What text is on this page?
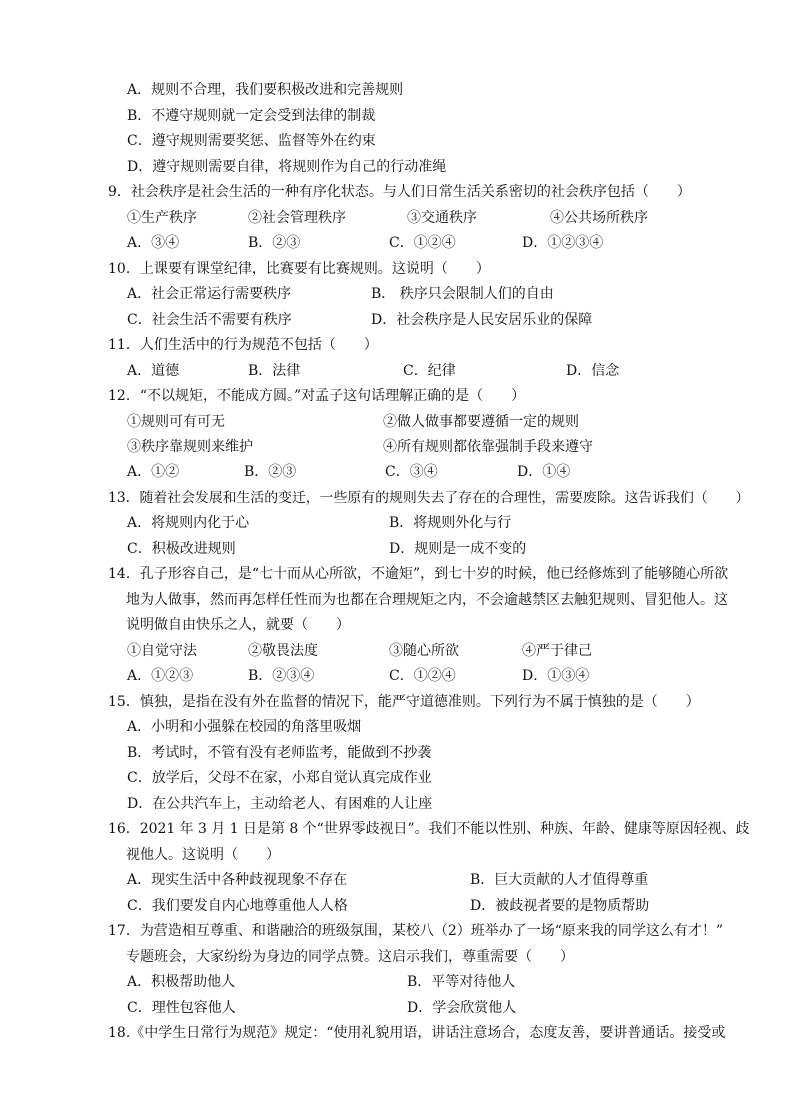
A．规则不合理，我们要积极改进和完善规则
B．不遵守规则就一定会受到法律的制裁
C．遵守规则需要奖惩、监督等外在约束
D．遵守规则需要自律，将规则作为自己的行动准绳
9．社会秩序是社会生活的一种有序化状态。与人们日常生活关系密切的社会秩序包括（　　）
①生产秩序	②社会管理秩序	③交通秩序	④公共场所秩序
A．③④	B．②③	C．①②④	D．①②③④
10．上课要有课堂纪律，比赛要有比赛规则。这说明（　　）
A．社会正常运行需要秩序	B． 秩序只会限制人们的自由
C．社会生活不需要有秩序	D．社会秩序是人民安居乐业的保障
11．人们生活中的行为规范不包括（　　）
A．道德	B．法律	C．纪律	D．信念
12．“不以规矩，不能成方圆。”对孟子这句话理解正确的是（　　）
①规则可有可无	②做人做事都要遵循一定的规则
③秩序靠规则来维护	④所有规则都依靠强制手段来遵守
A．①②	B．②③	C．③④	D．①④
13．随着社会发展和生活的变迁，一些原有的规则失去了存在的合理性，需要废除。这告诉我们（　　）
A．将规则内化于心	B．将规则外化与行
C．积极改进规则	D．规则是一成不变的
14．孔子形容自己，是“七十而从心所欲，不逾矩”，到七十岁的时候，他已经修炼到了能够随心所欲
地为人做事，然而再怎样任性而为也都在合理规矩之内，不会逾越禁区去触犯规则、冒犯他人。这
说明做自由快乐之人，就要（　　）
①自觉守法	②敬畏法度	③随心所欲	④严于律己
A．①②③	B．②③④	C．①②④	D．①③④
15．慎独，是指在没有外在监督的情况下，能严守道德准则。下列行为不属于慎独的是（　　）
A．小明和小强躲在校园的角落里吸烟
B．考试时，不管有没有老师监考，能做到不抄袭
C．放学后，父母不在家，小郑自觉认真完成作业
D．在公共汽车上，主动给老人、有困难的人让座
16．2021 年 3 月 1 日是第 8 个“世界零歧视日”。我们不能以性别、种族、年龄、健康等原因轻视、歧
视他人。这说明（　　）
A．现实生活中各种歧视现象不存在	B．巨大贡献的人才值得尊重
C．我们要发自内心地尊重他人人格	D．被歧视者要的是物质帮助
17．为营造相互尊重、和谐融洽的班级氛围，某校八（2）班举办了一场“原来我的同学这么有才！”
专题班会，大家纷纷为身边的同学点赞。这启示我们，尊重需要（　　）
A．积极帮助他人	B．平等对待他人
C．理性包容他人	D．学会欣赏他人
18.《中学生日常行为规范》规定：“使用礼貌用语，讲话注意场合，态度友善，要讲普通话。接受或
